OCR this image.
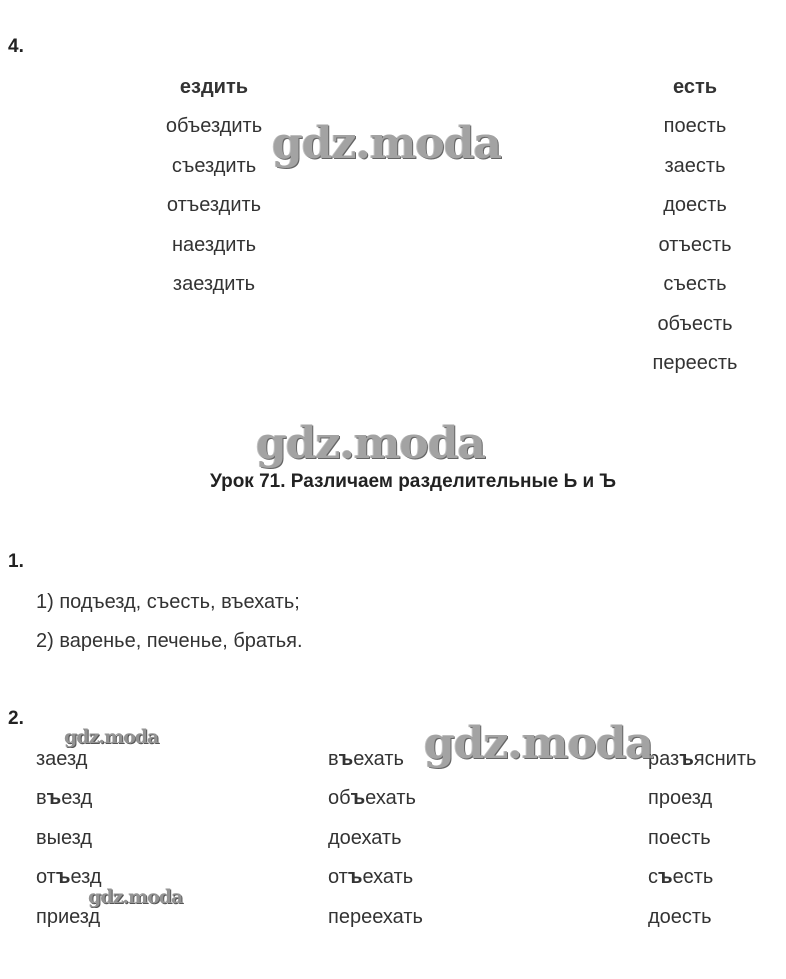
4.
ездить
объездить
съездить
отъездить
наездить
заездить
есть
поесть
заесть
доесть
отъесть
съесть
объесть
переесть
Урок 71. Различаем разделительные Ь и Ъ
1.
1) подъезд, съесть, въехать;
2) варенье, печенье, братья.
2.
заезд
въезд
выезд
отъезд
приезд
въехать
объехать
доехать
отъехать
переехать
разъяснить
проезд
поесть
съесть
доесть
gdz.moda
gdz.moda
gdz.moda
gdz.moda
gdz.moda
